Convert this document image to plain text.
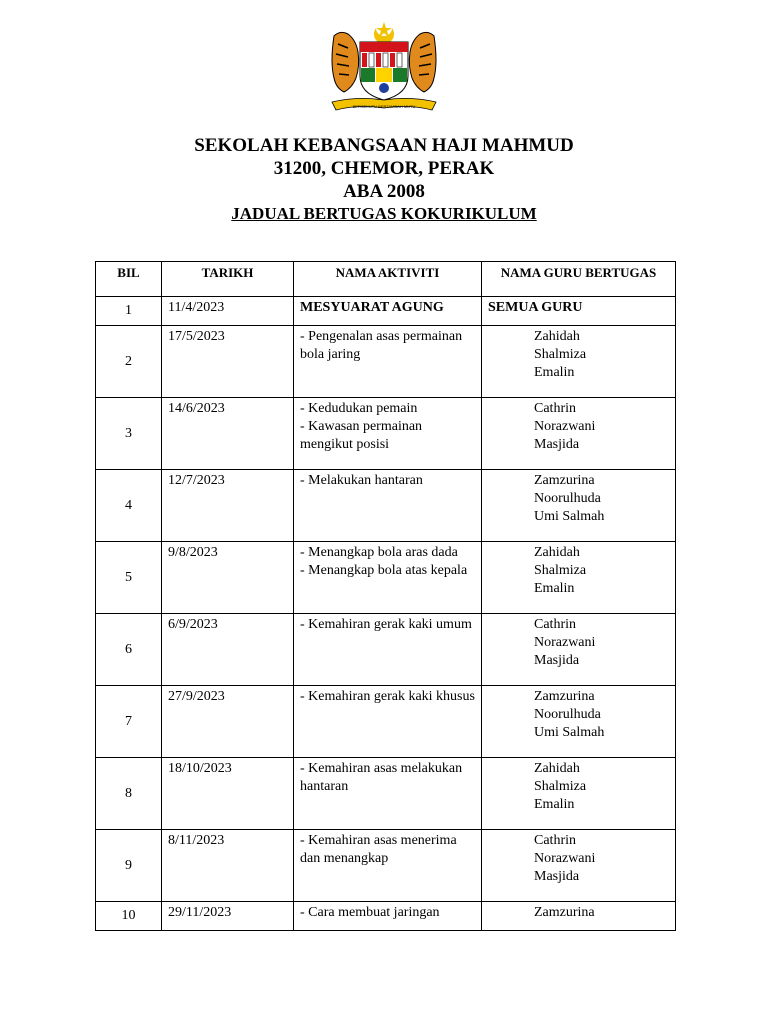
BERSEKUTU BERTAMBAH MUTU
SEKOLAH KEBANGSAAN HAJI MAHMUD
31200, CHEMOR, PERAK
ABA 2008
JADUAL BERTUGAS KOKURIKULUM
BIL	TARIKH	NAMA AKTIVITI	NAMA GURU BERTUGAS
1	11/4/2023	MESYUARAT AGUNG	SEMUA GURU

2	17/5/2023	- Pengenalan asas permainan bola jaring	Zahidah
Shalmiza
Emalin

3	14/6/2023	- Kedudukan pemain
- Kawasan permainan mengikut posisi	Cathrin
Norazwani
Masjida

4	12/7/2023	- Melakukan hantaran	Zamzurina
Noorulhuda
Umi Salmah

5	9/8/2023	- Menangkap bola aras dada
- Menangkap bola atas kepala	Zahidah
Shalmiza
Emalin

6	6/9/2023	- Kemahiran gerak kaki umum	Cathrin
Norazwani
Masjida

7	27/9/2023	- Kemahiran gerak kaki khusus	Zamzurina
Noorulhuda
Umi Salmah

8	18/10/2023	- Kemahiran asas melakukan hantaran	Zahidah
Shalmiza
Emalin

9	8/11/2023	- Kemahiran asas menerima dan menangkap	Cathrin
Norazwani
Masjida

10	29/11/2023	- Cara membuat jaringan	Zamzurina
